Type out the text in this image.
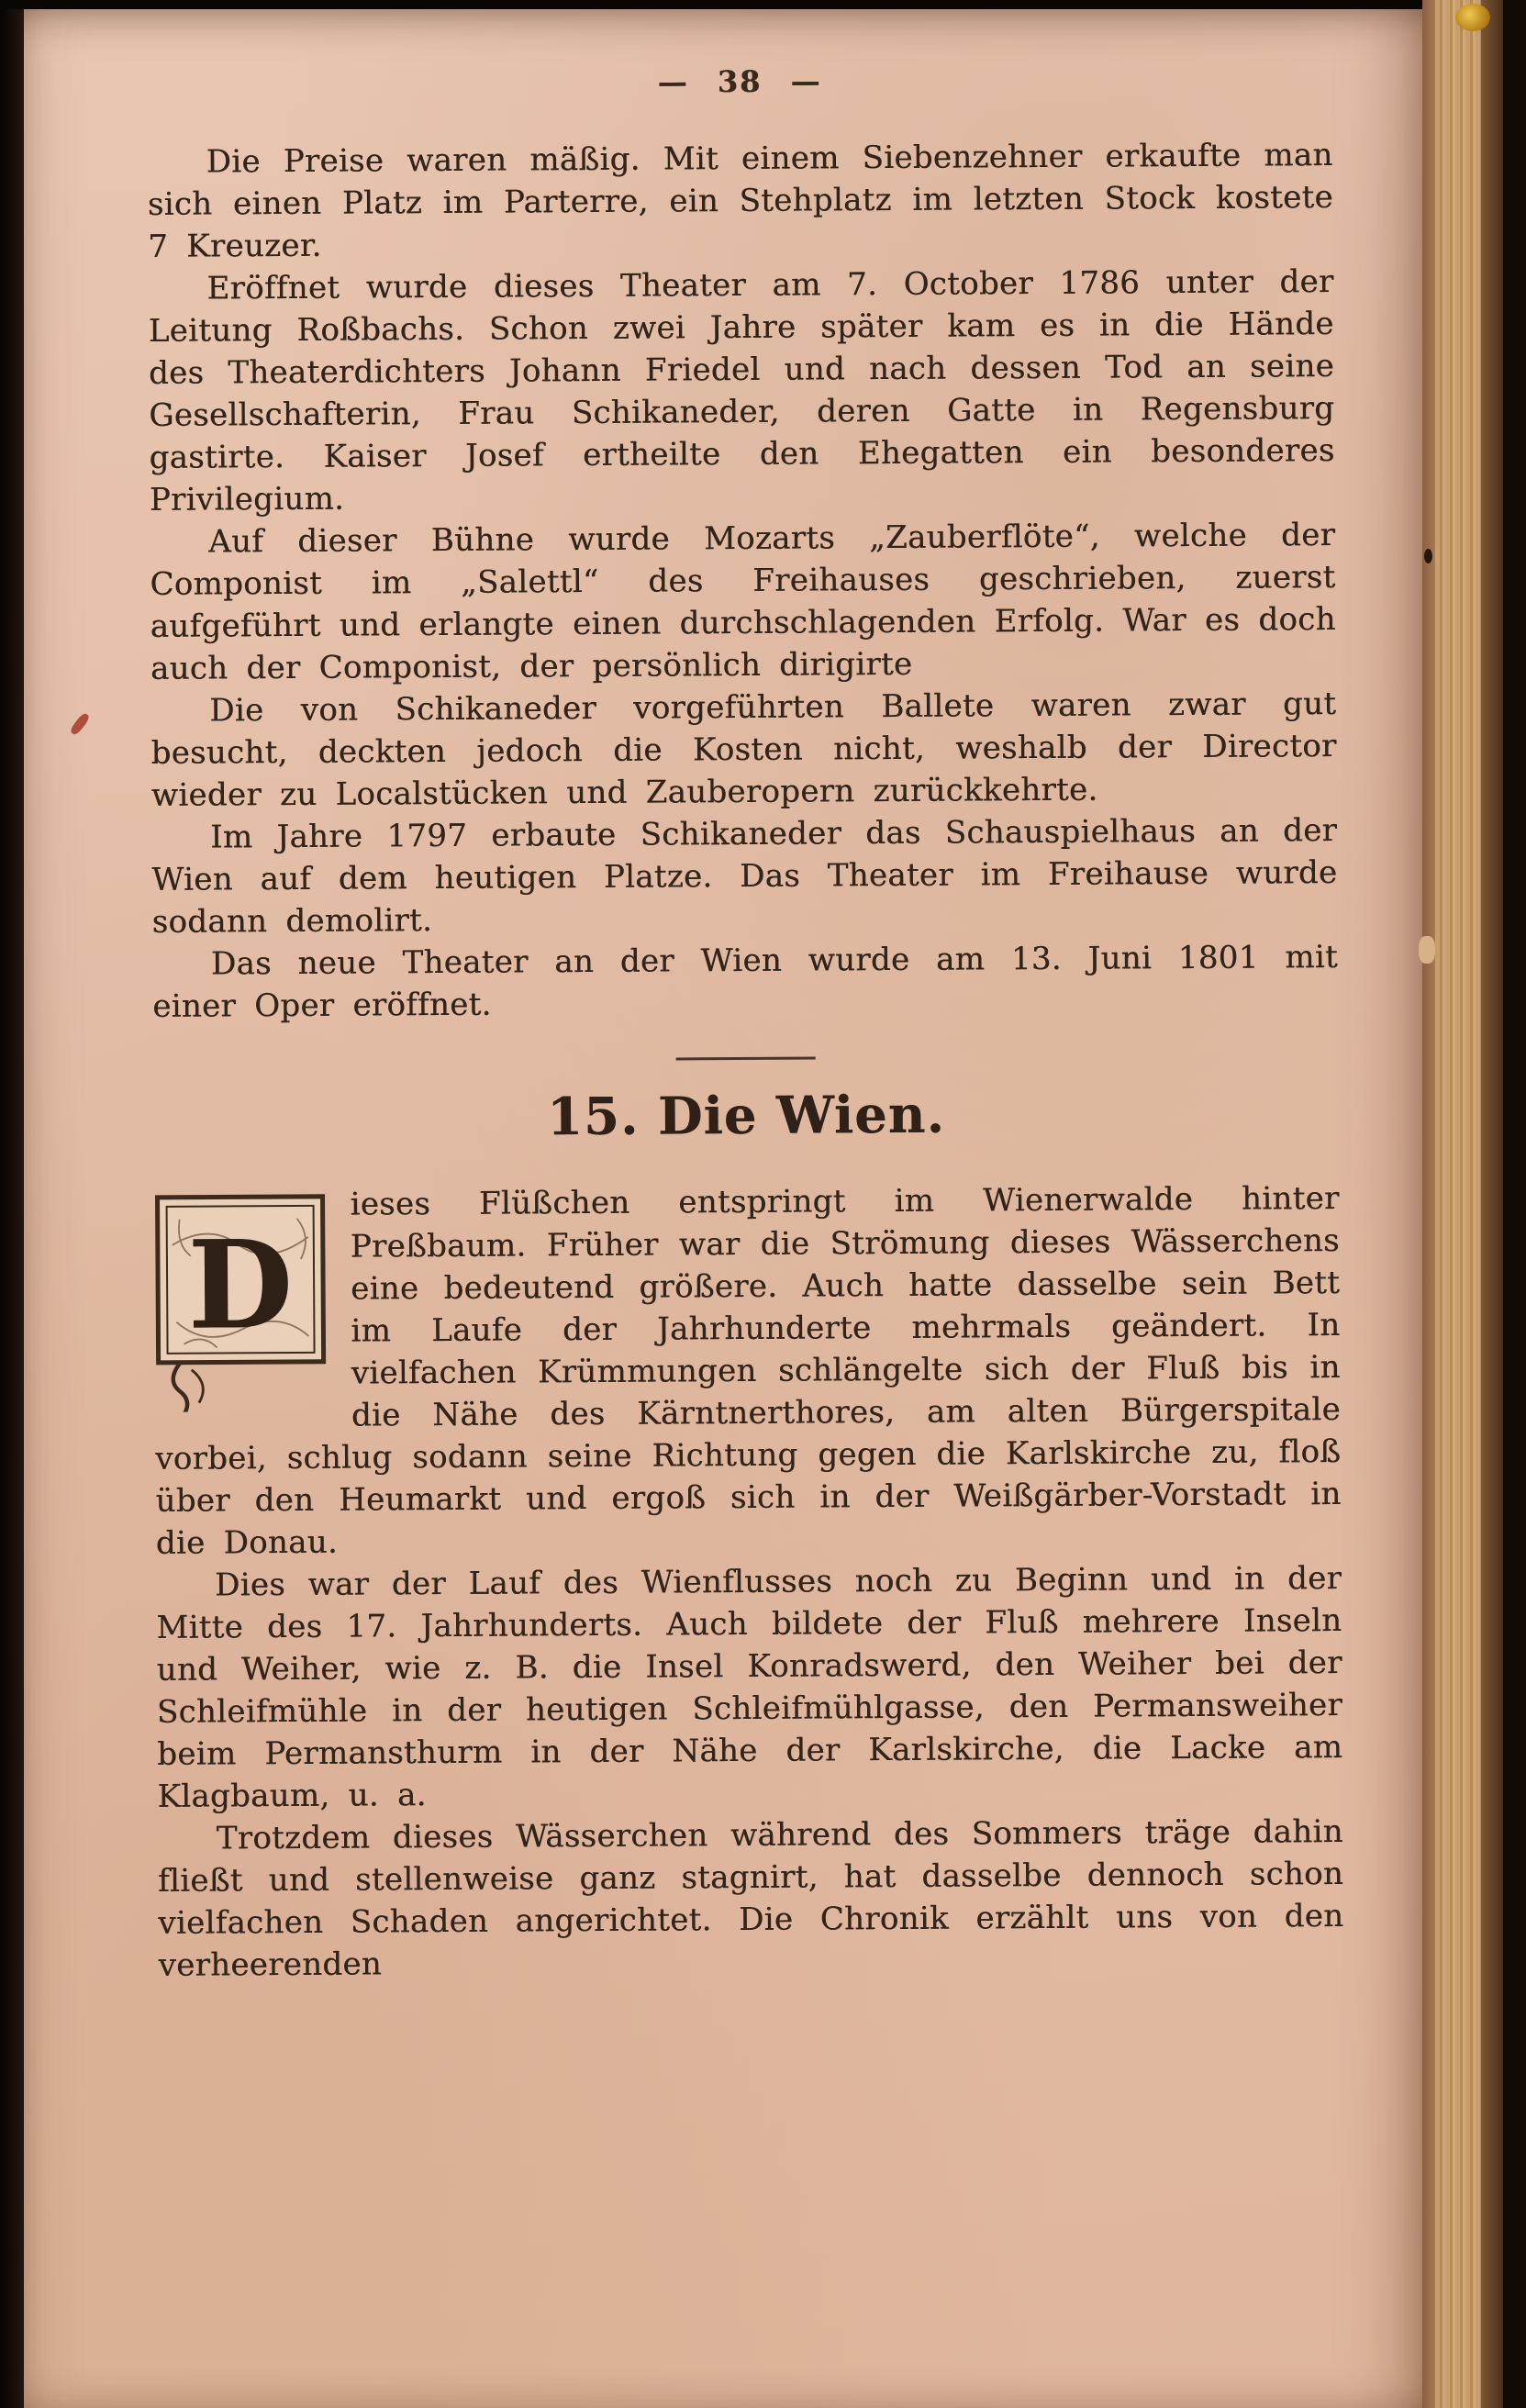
— 38 —

Die Preise waren mäßig. Mit einem Siebenzehner erkaufte man sich einen Platz im Parterre, ein Stehplatz im letzten Stock kostete 7 Kreuzer.

Eröffnet wurde dieses Theater am 7. October 1786 unter der Leitung Roßbachs. Schon zwei Jahre später kam es in die Hände des Theaterdichters Johann Friedel und nach dessen Tod an seine Gesellschafterin, Frau Schikaneder, deren Gatte in Regensburg gastirte. Kaiser Josef ertheilte den Ehegatten ein besonderes Privilegium.

Auf dieser Bühne wurde Mozarts „Zauberflöte“, welche der Componist im „Salettl“ des Freihauses geschrieben, zuerst aufgeführt und erlangte einen durchschlagenden Erfolg. War es doch auch der Componist, der persönlich dirigirte

Die von Schikaneder vorgeführten Ballete waren zwar gut besucht, deckten jedoch die Kosten nicht, weshalb der Director wieder zu Localstücken und Zauberopern zurückkehrte.

Im Jahre 1797 erbaute Schikaneder das Schauspielhaus an der Wien auf dem heutigen Platze. Das Theater im Freihause wurde sodann demolirt.

Das neue Theater an der Wien wurde am 13. Juni 1801 mit einer Oper eröffnet.

15. Die Wien.

D
ieses Flüßchen entspringt im Wienerwalde hinter Preßbaum. Früher war die Strömung dieses Wässerchens eine bedeutend größere. Auch hatte dasselbe sein Bett im Laufe der Jahrhunderte mehrmals geändert. In vielfachen Krümmungen schlängelte sich der Fluß bis in die Nähe des Kärntnerthores, am alten Bürgerspitale vorbei, schlug sodann seine Richtung gegen die Karlskirche zu, floß über den Heumarkt und ergoß sich in der Weißgärber-Vorstadt in die Donau.

Dies war der Lauf des Wienflusses noch zu Beginn und in der Mitte des 17. Jahrhunderts. Auch bildete der Fluß mehrere Inseln und Weiher, wie z. B. die Insel Konradswerd, den Weiher bei der Schleifmühle in der heutigen Schleifmühlgasse, den Permansweiher beim Permansthurm in der Nähe der Karlskirche, die Lacke am Klagbaum, u. a.

Trotzdem dieses Wässerchen während des Sommers träge dahin fließt und stellenweise ganz stagnirt, hat dasselbe dennoch schon vielfachen Schaden angerichtet. Die Chronik erzählt uns von den verheerenden
